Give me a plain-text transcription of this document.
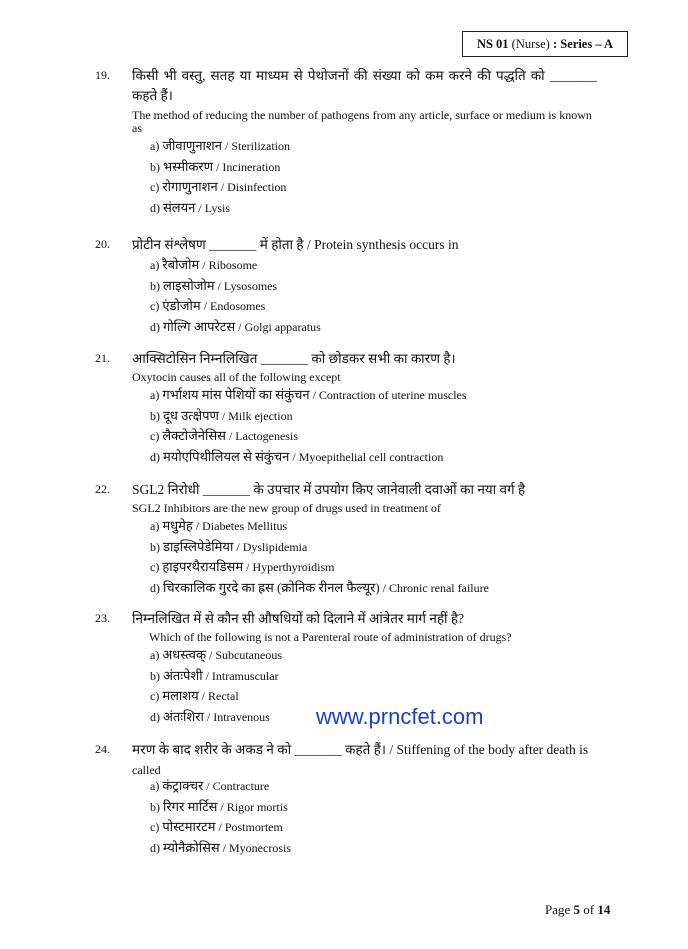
NS 01 (Nurse) : Series – A
19. किसी भी वस्तु, सतह या माध्यम से पेथोजनों की संख्या को कम करने की पद्धति को _______ कहते हैं।
The method of reducing the number of pathogens from any article, surface or medium is known as
a) जीवाणुनाशन / Sterilization
b) भस्मीकरण / Incineration
c) रोगाणुनाशन / Disinfection
d) संलयन / Lysis
20. प्रोटीन संश्लेषण _______ में होता है / Protein synthesis occurs in
a) रैबोजोम / Ribosome
b) लाइसोजोम / Lysosomes
c) एंडोजोम / Endosomes
d) गोल्गि आपरेटस / Golgi apparatus
21. आक्सिटोसिन निम्नलिखित _______ को छोडकर सभी का कारण है।
Oxytocin causes all of the following except
a) गर्भाशय मांस पेशियों का संकुंचन / Contraction of uterine muscles
b) दूध उत्क्षेपण / Milk ejection
c) लैक्टोजेनेसिस / Lactogenesis
d) मयोएपिथीलियल से संकुंचन / Myoepithelial cell contraction
22. SGL2 निरोधी _______ के उपचार में उपयोग किए जानेवाली दवाओं का नया वर्ग है
SGL2 Inhibitors are the new group of drugs used in treatment of
a) मधुमेह / Diabetes Mellitus
b) डाइस्लिपेडेमिया / Dyslipidemia
c) हाइपरथैरायडिसम / Hyperthyroidism
d) चिरकालिक गुरदे का ह्रस (क्रोनिक रीनल फैल्यूर) / Chronic renal failure
23. निम्नलिखित में से कौन सी औषधियों को दिलाने में आंत्रेतर मार्ग नहीं है?
Which of the following is not a Parenteral route of administration of drugs?
a) अधस्त्वक् / Subcutaneous
b) अंतःपेशी / Intramuscular
c) मलाशय / Rectal
d) अंतःशिरा / Intravenous
24. मरण के बाद शरीर के अकड ने को _______ कहते हैं। / Stiffening of the body after death is
called
a) कंट्राक्चर / Contracture
b) रिगर मार्टिस / Rigor mortis
c) पोस्टमारटम / Postmortem
d) म्योनैक्रोसिस / Myonecrosis
www.prncfet.com
Page 5 of 14
